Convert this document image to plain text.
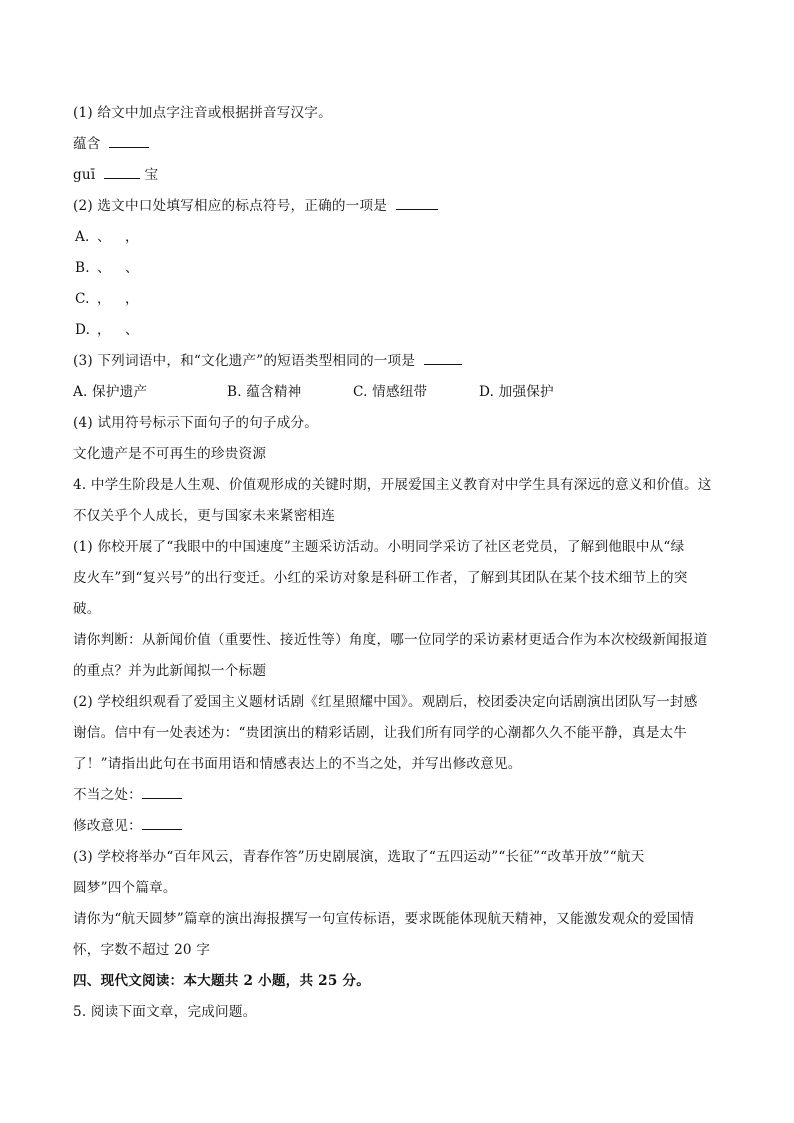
(1) 给文中加点字注音或根据拼音写汉字。
蕴含
guī	宝
(2) 选文中口处填写相应的标点符号，正确的一项是
A. 、 ，
B. 、 、
C. ， ，
D. ， 、
(3) 下列词语中，和“文化遗产”的短语类型相同的一项是
A. 保护遗产	B. 蕴含精神	C. 情感纽带	D. 加强保护
(4) 试用符号标示下面句子的句子成分。
文化遗产是不可再生的珍贵资源
4. 中学生阶段是人生观、价值观形成的关键时期，开展爱国主义教育对中学生具有深远的意义和价值。这
不仅关乎个人成长，更与国家未来紧密相连
(1) 你校开展了“我眼中的中国速度”主题采访活动。小明同学采访了社区老党员，了解到他眼中从“绿
皮火车”到“复兴号”的出行变迁。小红的采访对象是科研工作者，了解到其团队在某个技术细节上的突
破。
请你判断：从新闻价值（重要性、接近性等）角度，哪一位同学的采访素材更适合作为本次校级新闻报道
的重点？并为此新闻拟一个标题
(2) 学校组织观看了爱国主义题材话剧《红星照耀中国》。观剧后，校团委决定向话剧演出团队写一封感
谢信。信中有一处表述为：“贵团演出的精彩话剧，让我们所有同学的心潮都久久不能平静，真是太牛
了！”请指出此句在书面用语和情感表达上的不当之处，并写出修改意见。
不当之处：
修改意见：
(3) 学校将举办“百年风云，青春作答”历史剧展演，选取了“五四运动”“长征”“改革开放”“航天
圆梦”四个篇章。
请你为“航天圆梦”篇章的演出海报撰写一句宣传标语，要求既能体现航天精神，又能激发观众的爱国情
怀，字数不超过 20 字
四、现代文阅读：本大题共 2 小题，共 25 分。
5. 阅读下面文章，完成问题。
